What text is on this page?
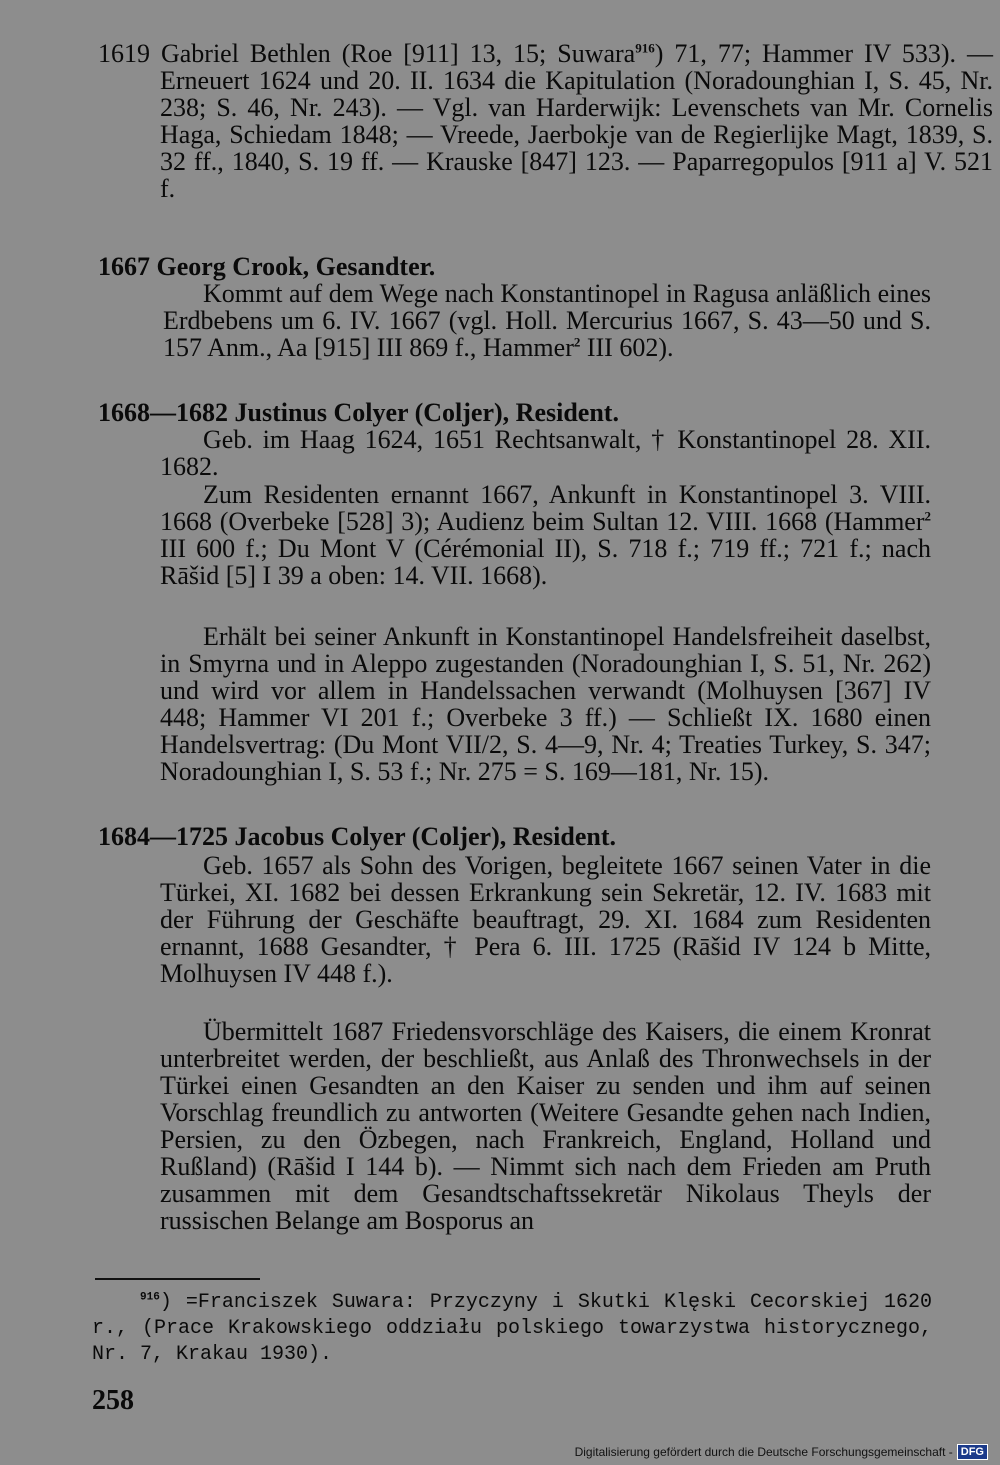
1619 Gabriel Bethlen (Roe [911] 13, 15; Suwara$^{916}$) 71, 77; Hammer IV 533). — Erneuert 1624 und 20. II. 1634 die Kapitulation (Noradounghian I, S. 45, Nr. 238; S. 46, Nr. 243). — Vgl. van Harderwijk: Levenschets van Mr. Cornelis Haga, Schiedam 1848; — Vreede, Jaerbokje van de Regierlijke Magt, 1839, S. 32 ff., 1840, S. 19 ff. — Krauske [847] 123. — Paparregopulos [911 a] V. 521 f.

1667 Georg Crook, Gesandter.

Kommt auf dem Wege nach Konstantinopel in Ragusa anläßlich eines Erdbebens um 6. IV. 1667 (vgl. Holl. Mercurius 1667, S. 43—50 und S. 157 Anm., Aa [915] III 869 f., Hammer$^2$ III 602).

1668—1682 Justinus Colyer (Coljer), Resident.

Geb. im Haag 1624, 1651 Rechtsanwalt, † Konstantinopel 28. XII. 1682.

Zum Residenten ernannt 1667, Ankunft in Konstantinopel 3. VIII. 1668 (Overbeke [528] 3); Audienz beim Sultan 12. VIII. 1668 (Hammer$^2$ III 600 f.; Du Mont V (Cérémonial II), S. 718 f.; 719 ff.; 721 f.; nach Rāšid [5] I 39 a oben: 14. VII. 1668).

Erhält bei seiner Ankunft in Konstantinopel Handelsfreiheit daselbst, in Smyrna und in Aleppo zugestanden (Noradounghian I, S. 51, Nr. 262) und wird vor allem in Handelssachen verwandt (Molhuysen [367] IV 448; Hammer VI 201 f.; Overbeke 3 ff.) — Schließt IX. 1680 einen Handelsvertrag: (Du Mont VII/2, S. 4—9, Nr. 4; Treaties Turkey, S. 347; Noradounghian I, S. 53 f.; Nr. 275 = S. 169—181, Nr. 15).

1684—1725 Jacobus Colyer (Coljer), Resident.

Geb. 1657 als Sohn des Vorigen, begleitete 1667 seinen Vater in die Türkei, XI. 1682 bei dessen Erkrankung sein Sekretär, 12. IV. 1683 mit der Führung der Geschäfte beauftragt, 29. XI. 1684 zum Residenten ernannt, 1688 Gesandter, † Pera 6. III. 1725 (Rāšid IV 124 b Mitte, Molhuysen IV 448 f.).

Übermittelt 1687 Friedensvorschläge des Kaisers, die einem Kronrat unterbreitet werden, der beschließt, aus Anlaß des Thronwechsels in der Türkei einen Gesandten an den Kaiser zu senden und ihm auf seinen Vorschlag freundlich zu antworten (Weitere Gesandte gehen nach Indien, Persien, zu den Özbegen, nach Frankreich, England, Holland und Rußland) (Rāšid I 144 b). — Nimmt sich nach dem Frieden am Pruth zusammen mit dem Gesandtschaftssekretär Nikolaus Theyls der russischen Belange am Bosporus an

$^{916}$) =Franciszek Suwara: Przyczyny i Skutki Klęski Cecorskiej 1620 r., (Prace Krakowskiego oddziału polskiego towarzystwa historycznego, Nr. 7, Krakau 1930).

258

Digitalisierung gefördert durch die Deutsche Forschungsgemeinschaft - DFG
